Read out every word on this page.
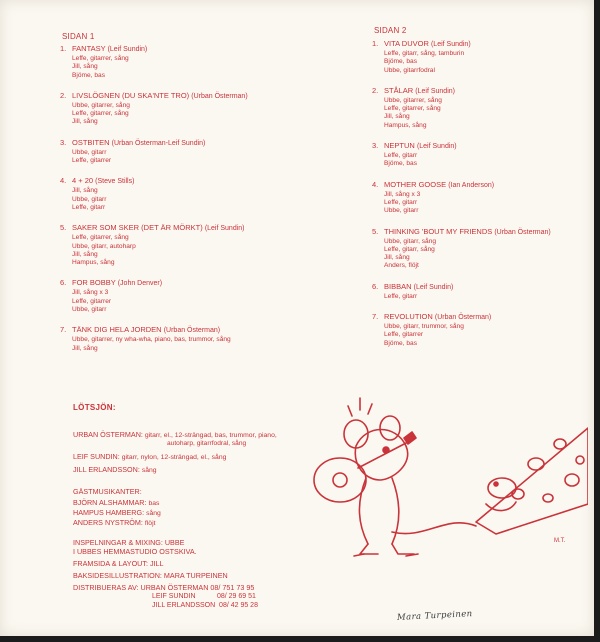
SIDAN 1
1. FANTASY (Leif Sundin)
Leffe, gitarrer, sång
Jill, sång
Bjöme, bas
2. LIVSLÖGNEN (DU SKA'NTE TRO) (Urban Österman)
Ubbe, gitarrer, sång
Leffe, gitarrer, sång
Jill, sång
3. OSTBITEN (Urban Österman-Leif Sundin)
Ubbe, gitarr
Leffe, gitarrer
4. 4 + 20 (Steve Stills)
Jill, sång
Ubbe, gitarr
Leffe, gitarr
5. SAKER SOM SKER (DET ÄR MÖRKT) (Leif Sundin)
Leffe, gitarrer, sång
Ubbe, gitarr, autoharp
Jill, sång
Hampus, sång
6. FOR BOBBY (John Denver)
Jill, sång x 3
Leffe, gitarrer
Ubbe, gitarr
7. TÄNK DIG HELA JORDEN (Urban Österman)
Ubbe, gitarrer, ny wha-wha, piano, bas, trummor, sång
Jill, sång
SIDAN 2
1. VITA DUVOR (Leif Sundin)
Leffe, gitarr, sång, tamburin
Bjöme, bas
Ubbe, gitarrfodral
2. STÅLAR (Leif Sundin)
Ubbe, gitarrer, sång
Leffe, gitarrer, sång
Jill, sång
Hampus, sång
3. NEPTUN (Leif Sundin)
Leffe, gitarr
Bjöme, bas
4. MOTHER GOOSE (Ian Anderson)
Jill, sång x 3
Leffe, gitarr
Ubbe, gitarr
5. THINKING 'BOUT MY FRIENDS (Urban Österman)
Ubbe, gitarr, sång
Leffe, gitarr, sång
Jill, sång
Anders, flöjt
6. BIBBAN (Leif Sundin)
Leffe, gitarr
7. REVOLUTION (Urban Österman)
Ubbe, gitarr, trummor, sång
Leffe, gitarrer
Bjöme, bas
LÖTSJÖN:
URBAN ÖSTERMAN: gitarr, el., 12-strängad, bas, trummor, piano,
autoharp, gitarrfodral, sång
LEIF SUNDIN: gitarr, nylon, 12-strängad, el., sång
JILL ERLANDSSON: sång
GÄSTMUSIKANTER:
BJÖRN ALSHAMMAR: bas
HAMPUS HAMBERG: sång
ANDERS NYSTRÖM: flöjt
INSPELNINGAR & MIXING: UBBE
I UBBES HEMMASTUDIO OSTSKIVA.
FRAMSIDA & LAYOUT: JILL
BAKSIDESILLUSTRATION: MARA TURPEINEN
DISTRIBUERAS AV: URBAN ÖSTERMAN 08/ 751 73 95
LEIF SUNDIN	08/ 29 69 51
JILL ERLANDSSON 08/ 42 95 28
M.T.
Mara Turpeinen
